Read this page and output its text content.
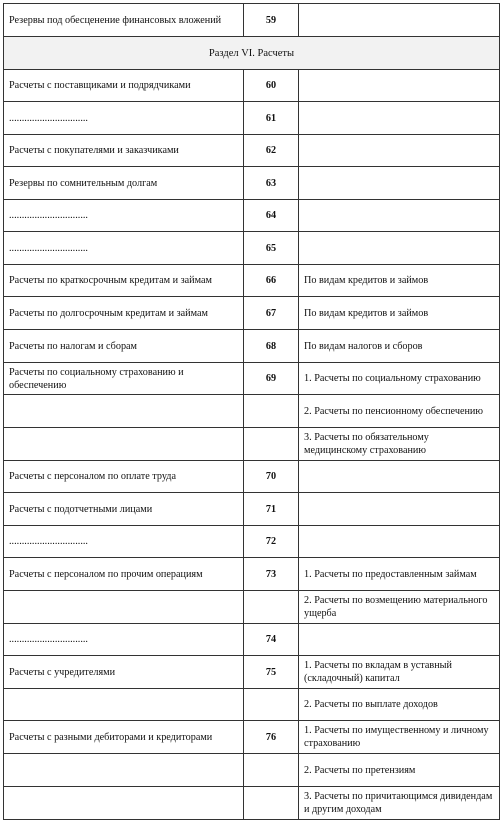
Резервы под обесценение финансовых вложений	59	
Раздел VI. Расчеты		
Расчеты с поставщиками и подрядчиками	60	
...............................	61	
Расчеты с покупателями и заказчиками	62	
Резервы по сомнительным долгам	63	
...............................	64	
...............................	65	
Расчеты по краткосрочным кредитам и займам	66	По видам кредитов и займов
Расчеты по долгосрочным кредитам и займам	67	По видам кредитов и займов
Расчеты по налогам и сборам	68	По видам налогов и сборов
Расчеты по социальному страхованию и обеспечению	69	1. Расчеты по социальному страхованию
		2. Расчеты по пенсионному обеспечению
		3. Расчеты по обязательному медицинскому страхованию
Расчеты с персоналом по оплате труда	70	
Расчеты с подотчетными лицами	71	
...............................	72	
Расчеты с персоналом по прочим операциям	73	1. Расчеты по предоставленным займам
		2. Расчеты по возмещению материального ущерба
...............................	74	
Расчеты с учредителями	75	1. Расчеты по вкладам в уставный (складочный) капитал
		2. Расчеты по выплате доходов
Расчеты с разными дебиторами и кредиторами	76	1. Расчеты по имущественному и личному страхованию
		2. Расчеты по претензиям
		3. Расчеты по причитающимся дивидендам и другим доходам
